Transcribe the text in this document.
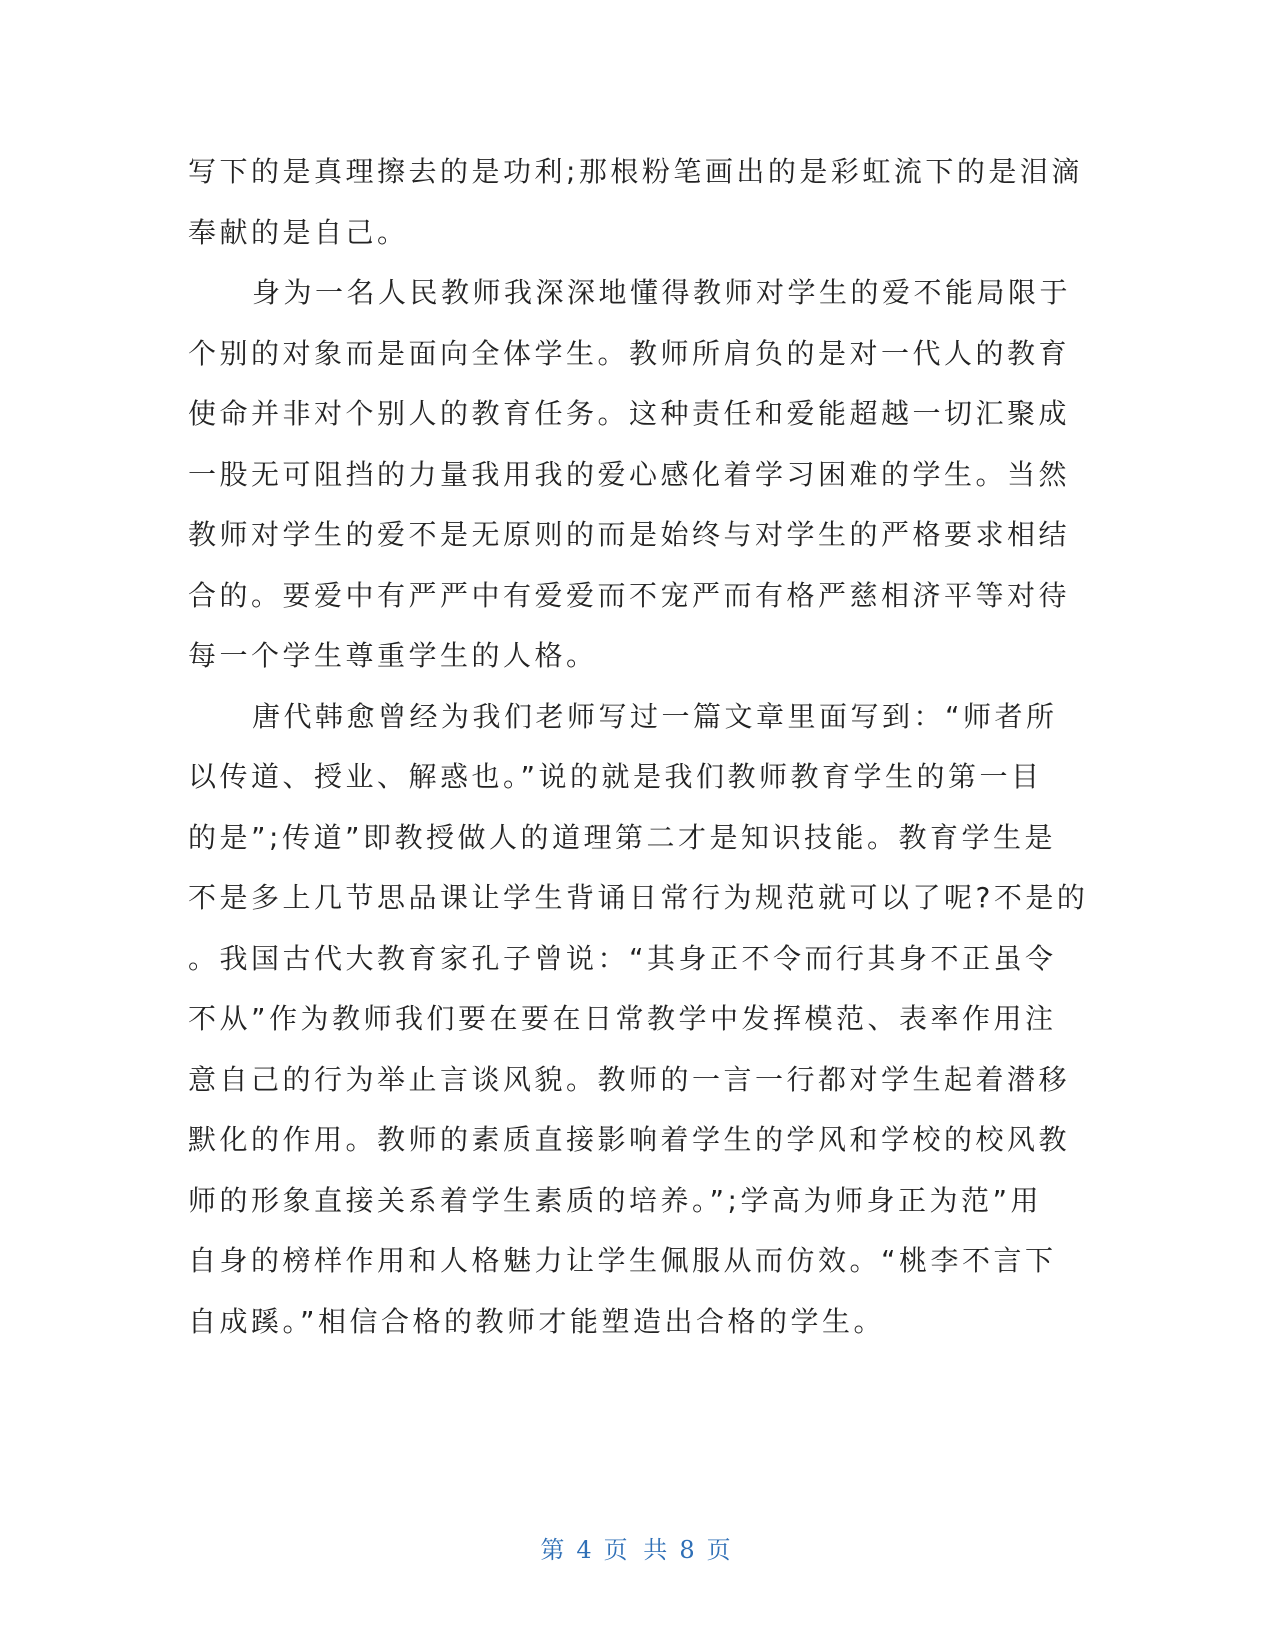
写下的是真理擦去的是功利;那根粉笔画出的是彩虹流下的是泪滴
奉献的是自己。
身为一名人民教师我深深地懂得教师对学生的爱不能局限于
个别的对象而是面向全体学生。教师所肩负的是对一代人的教育
使命并非对个别人的教育任务。这种责任和爱能超越一切汇聚成
一股无可阻挡的力量我用我的爱心感化着学习困难的学生。当然
教师对学生的爱不是无原则的而是始终与对学生的严格要求相结
合的。要爱中有严严中有爱爱而不宠严而有格严慈相济平等对待
每一个学生尊重学生的人格。
唐代韩愈曾经为我们老师写过一篇文章里面写到：“师者所
以传道、授业、解惑也。”说的就是我们教师教育学生的第一目
的是”;传道”即教授做人的道理第二才是知识技能。教育学生是
不是多上几节思品课让学生背诵日常行为规范就可以了呢?不是的
。我国古代大教育家孔子曾说：“其身正不令而行其身不正虽令
不从”作为教师我们要在要在日常教学中发挥模范、表率作用注
意自己的行为举止言谈风貌。教师的一言一行都对学生起着潜移
默化的作用。教师的素质直接影响着学生的学风和学校的校风教
师的形象直接关系着学生素质的培养。”;学高为师身正为范”用
自身的榜样作用和人格魅力让学生佩服从而仿效。“桃李不言下
自成蹊。”相信合格的教师才能塑造出合格的学生。
第 4 页 共 8 页
